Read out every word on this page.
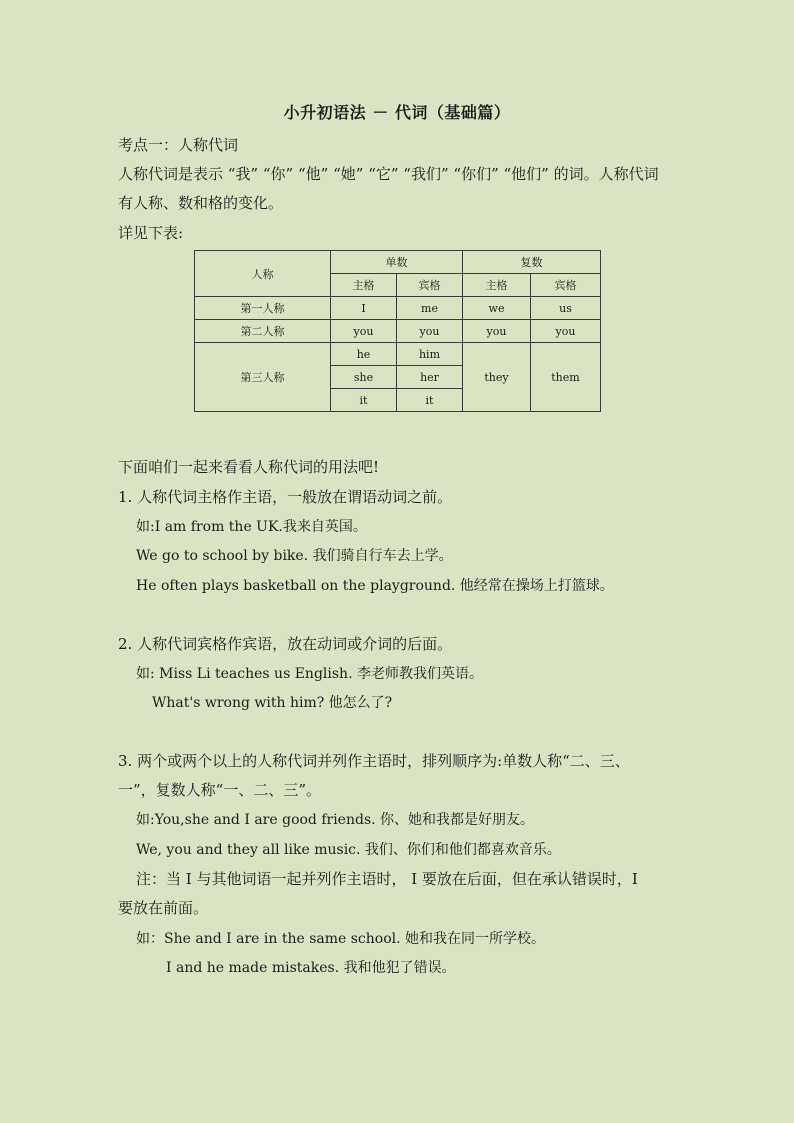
小升初语法 － 代词（基础篇）
考点一：人称代词
人称代词是表示 “我” “你” “他” “她” “它” “我们” “你们” “他们” 的词。人称代词
有人称、数和格的变化。
详见下表:
人称	单数		复数	
	主格	宾格	主格	宾格
第一人称	I	me	we	us
第二人称	you	you	you	you
第三人称	he	him	they	them
	she	her		
	it	it		
下面咱们一起来看看人称代词的用法吧!
1. 人称代词主格作主语，一般放在谓语动词之前。
如:I am from the UK.我来自英国。
We go to school by bike. 我们骑自行车去上学。
He often plays basketball on the playground. 他经常在操场上打篮球。
2. 人称代词宾格作宾语，放在动词或介词的后面。
如: Miss Li teaches us English. 李老师教我们英语。
What's wrong with him? 他怎么了?
3. 两个或两个以上的人称代词并列作主语时，排列顺序为:单数人称“二、三、
一”，复数人称“一、二、三”。
如:You,she and I are good friends. 你、她和我都是好朋友。
We, you and they all like music. 我们、你们和他们都喜欢音乐。
注：当 I 与其他词语一起并列作主语时， I 要放在后面，但在承认错误时，I
要放在前面。
如：She and I are in the same school. 她和我在同一所学校。
I and he made mistakes. 我和他犯了错误。
